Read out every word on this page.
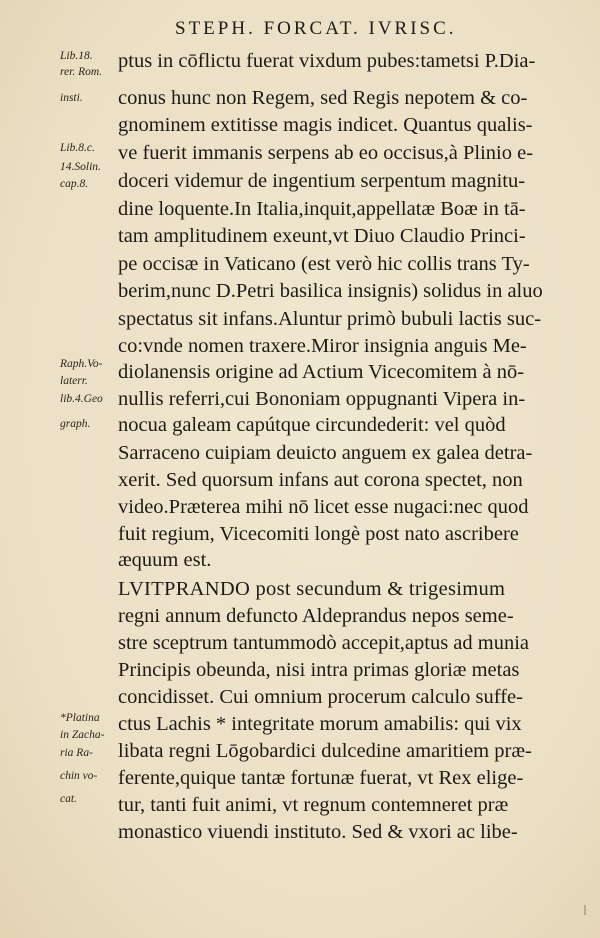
STEPH. FORCAT. IVRISC.
ptus in cōflictu fuerat vixdum pubes:tametsi P.Dia-
conus hunc non Regem, sed Regis nepotem & co-
gnominem extitisse magis indicet. Quantus qualis-
ve fuerit immanis serpens ab eo occisus,à Plinio e-
doceri videmur de ingentium serpentum magnitu-
dine loquente.In Italia,inquit,appellatæ Boæ in tā-
tam amplitudinem exeunt,vt Diuo Claudio Princi-
pe occisæ in Vaticano (est verò hic collis trans Ty-
berim,nunc D.Petri basilica insignis) solidus in aluo
spectatus sit infans.Aluntur primò bubuli lactis suc-
co:vnde nomen traxere.Miror insignia anguis Me-
diolanensis origine ad Actium Vicecomitem à nō-
nullis referri,cui Bononiam oppugnanti Vipera in-
nocua galeam capútque circundederit: vel quòd
Sarraceno cuipiam deuicto anguem ex galea detra-
xerit. Sed quorsum infans aut corona spectet, non
video.Præterea mihi nō licet esse nugaci:nec quod
fuit regium, Vicecomiti longè post nato ascribere
æquum est.
LVITPRANDO post secundum & trigesimum
regni annum defuncto Aldeprandus nepos seme-
stre sceptrum tantummodò accepit,aptus ad munia
Principis obeunda, nisi intra primas gloriæ metas
concidisset. Cui omnium procerum calculo suffe-
ctus Lachis * integritate morum amabilis: qui vix
libata regni Lōgobardici dulcedine amaritiem præ-
ferente,quique tantæ fortunæ fuerat, vt Rex elige-
tur, tanti fuit animi, vt regnum contemneret præ
monastico viuendi instituto. Sed & vxori ac libe-
Lib.18.
rer. Rom.
insti.
Lib.8.c.
14.Solin.
cap.8.
Raph.Vo-
laterr.
lib.4.Geo
graph.
*Platina
in Zacha-
ria Ra-
chin vo-
cat.
